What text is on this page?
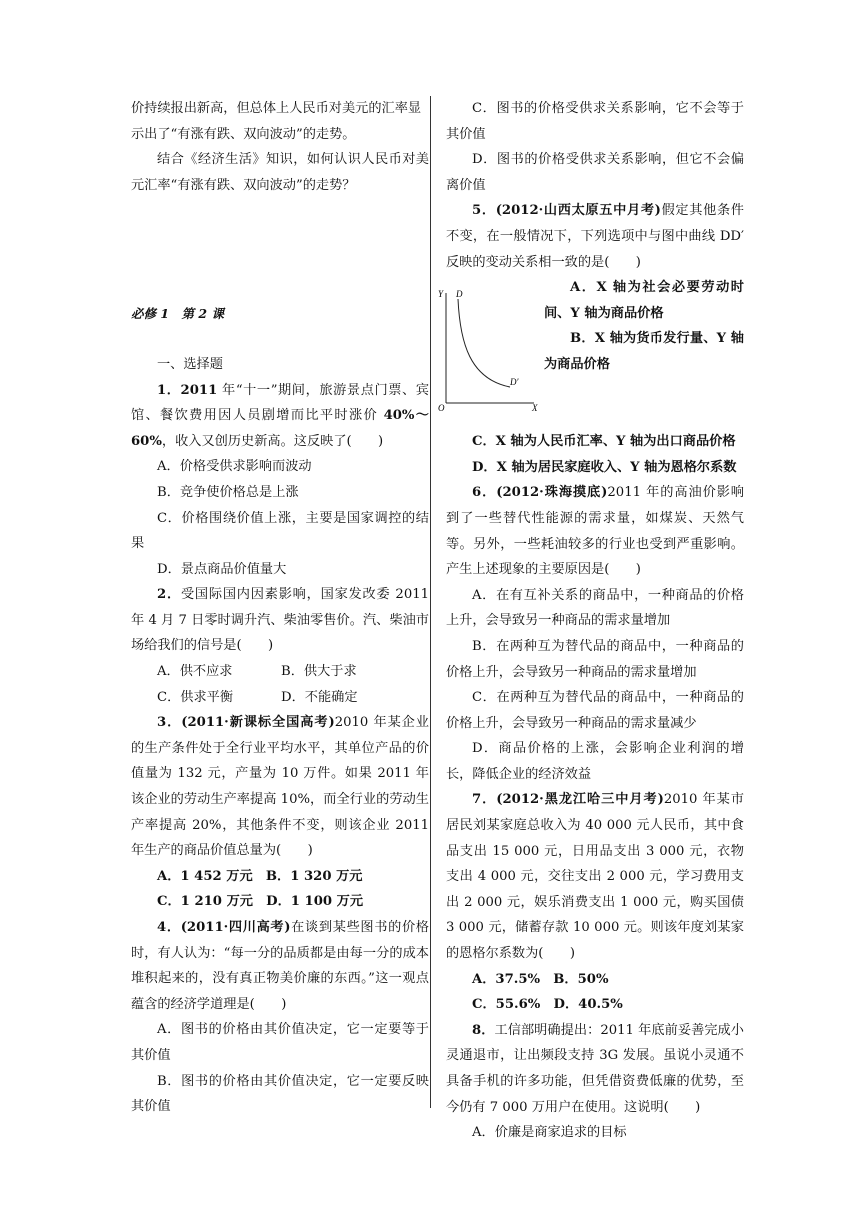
价持续报出新高，但总体上人民币对美元的汇率显

示出了“有涨有跌、双向波动”的走势。

结合《经济生活》知识，如何认识人民币对美元汇率“有涨有跌、双向波动”的走势？

必修 1　第 2 课

一、选择题

1．2011 年“十一”期间，旅游景点门票、宾馆、餐饮费用因人员剧增而比平时涨价 40%～60%，收入又创历史新高。这反映了(　　)

A．价格受供求影响而波动

B．竞争使价格总是上涨

C．价格围绕价值上涨，主要是国家调控的结果

D．景点商品价值量大

2．受国际国内因素影响，国家发改委 2011 年 4 月 7 日零时调升汽、柴油零售价。汽、柴油市场给我们的信号是(　　)

A．供不应求	B．供大于求
C．供求平衡	D．不能确定

3．(2011·新课标全国高考)2010 年某企业的生产条件处于全行业平均水平，其单位产品的价值量为 132 元，产量为 10 万件。如果 2011 年该企业的劳动生产率提高 10%，而全行业的劳动生产率提高 20%，其他条件不变，则该企业 2011 年生产的商品价值总量为(　　)

A．1 452 万元　B．1 320 万元

C．1 210 万元　D．1 100 万元

4．(2011·四川高考)在谈到某些图书的价格时，有人认为：“每一分的品质都是由每一分的成本堆积起来的，没有真正物美价廉的东西。”这一观点蕴含的经济学道理是(　　)

A．图书的价格由其价值决定，它一定要等于其价值

B．图书的价格由其价值决定，它一定要反映其价值

C．图书的价格受供求关系影响，它不会等于其价值

D．图书的价格受供求关系影响，但它不会偏离价值

5．(2012·山西太原五中月考)假定其他条件不变，在一般情况下，下列选项中与图中曲线 DD′反映的变动关系相一致的是(　　)

Y D
D′
O	X

A．X 轴为社会必要劳动时间、Y 轴为商品价格

B．X 轴为货币发行量、Y 轴为商品价格

C．X 轴为人民币汇率、Y 轴为出口商品价格

D．X 轴为居民家庭收入、Y 轴为恩格尔系数

6．(2012·珠海摸底)2011 年的高油价影响到了一些替代性能源的需求量，如煤炭、天然气等。另外，一些耗油较多的行业也受到严重影响。产生上述现象的主要原因是(　　)

A．在有互补关系的商品中，一种商品的价格上升，会导致另一种商品的需求量增加

B．在两种互为替代品的商品中，一种商品的价格上升，会导致另一种商品的需求量增加

C．在两种互为替代品的商品中，一种商品的价格上升，会导致另一种商品的需求量减少

D．商品价格的上涨，会影响企业利润的增长，降低企业的经济效益

7．(2012·黑龙江哈三中月考)2010 年某市居民刘某家庭总收入为 40 000 元人民币，其中食品支出 15 000 元，日用品支出 3 000 元，衣物支出 4 000 元，交往支出 2 000 元，学习费用支出 2 000 元，娱乐消费支出 1 000 元，购买国债 3 000 元，储蓄存款 10 000 元。则该年度刘某家的恩格尔系数为(　　)

A．37.5%　B．50%

C．55.6%　D．40.5%

8．工信部明确提出：2011 年底前妥善完成小灵通退市，让出频段支持 3G 发展。虽说小灵通不具备手机的许多功能，但凭借资费低廉的优势，至今仍有 7 000 万用户在使用。这说明(　　)

A．价廉是商家追求的目标
